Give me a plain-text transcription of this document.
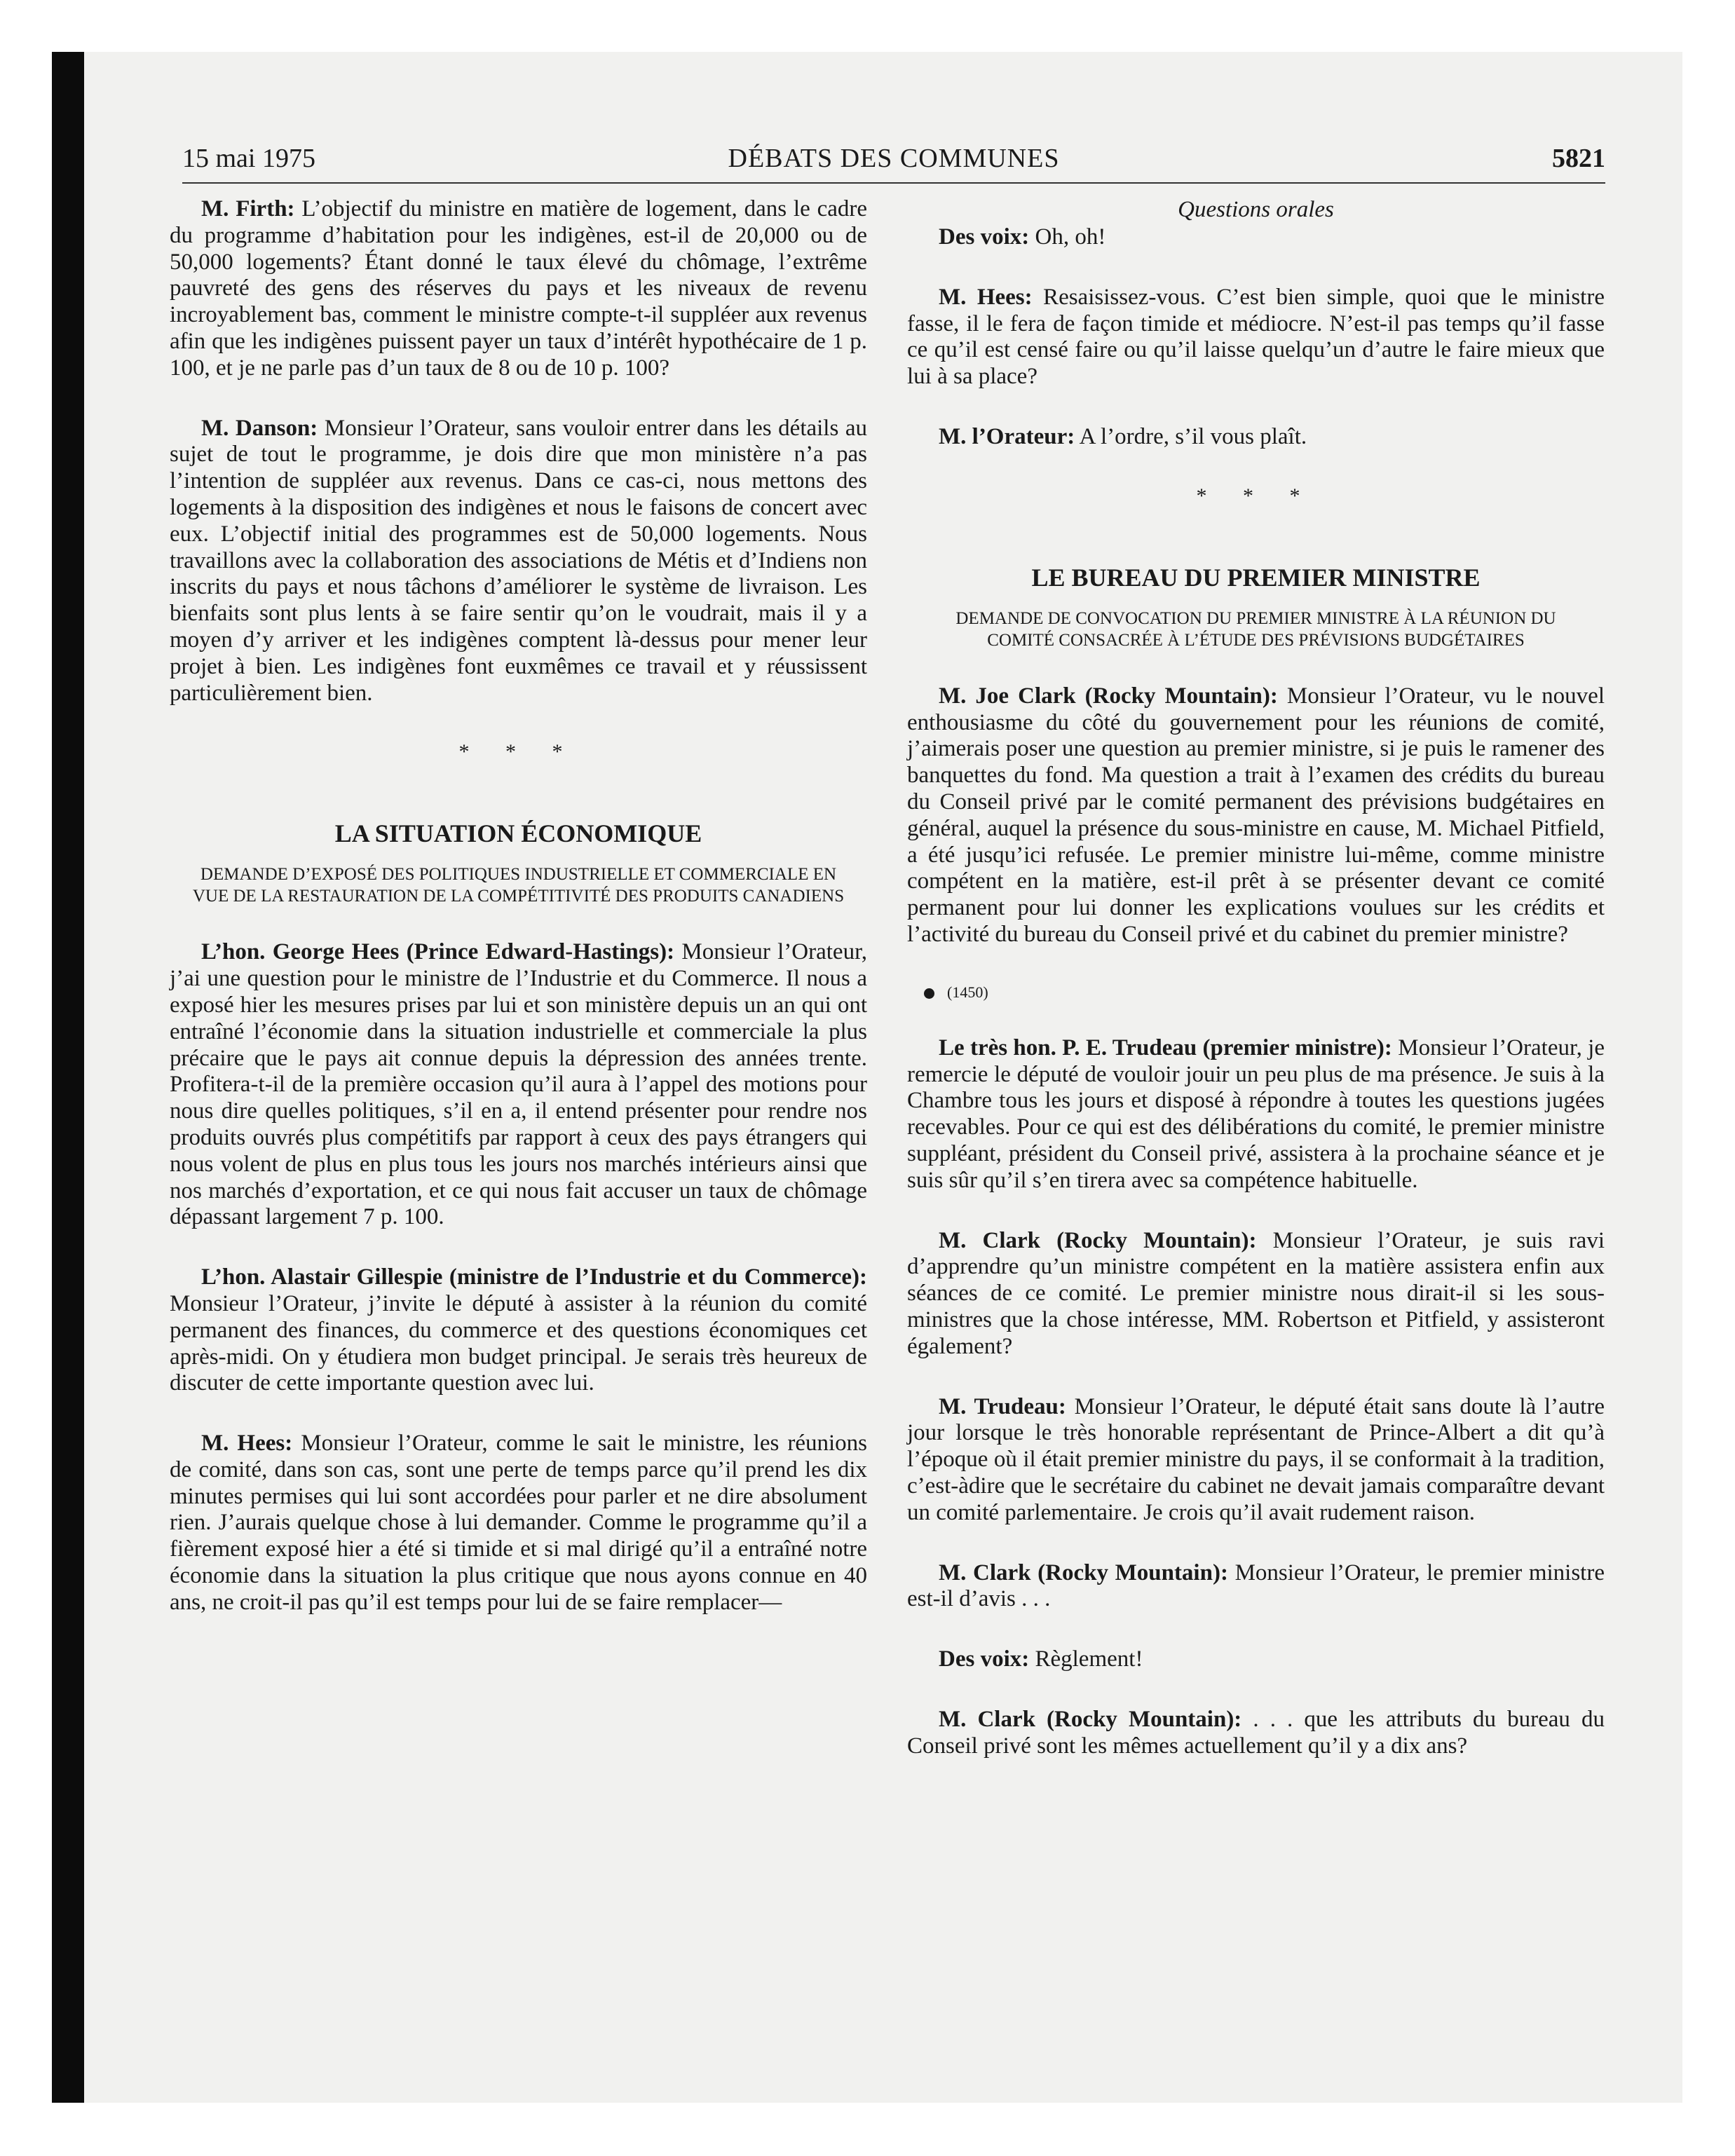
15 mai 1975	DÉBATS DES COMMUNES	5821

M. Firth: L’objectif du ministre en matière de logement, dans le cadre du programme d’habitation pour les indigènes, est-il de 20,000 ou de 50,000 logements? Étant donné le taux élevé du chômage, l’extrême pauvreté des gens des réserves du pays et les niveaux de revenu incroyablement bas, comment le ministre compte-t-il suppléer aux revenus afin que les indigènes puissent payer un taux d’intérêt hypothécaire de 1 p. 100, et je ne parle pas d’un taux de 8 ou de 10 p. 100?

M. Danson: Monsieur l’Orateur, sans vouloir entrer dans les détails au sujet de tout le programme, je dois dire que mon ministère n’a pas l’intention de suppléer aux revenus. Dans ce cas-ci, nous mettons des logements à la disposition des indigènes et nous le faisons de concert avec eux. L’objectif initial des programmes est de 50,000 logements. Nous travaillons avec la collaboration des associations de Métis et d’Indiens non inscrits du pays et nous tâchons d’améliorer le système de livraison. Les bienfaits sont plus lents à se faire sentir qu’on le voudrait, mais il y a moyen d’y arriver et les indigènes comptent là-dessus pour mener leur projet à bien. Les indigènes font euxmêmes ce travail et y réussissent particulièrement bien.

* * *
LA SITUATION ÉCONOMIQUE
DEMANDE D’EXPOSÉ DES POLITIQUES INDUSTRIELLE ET COMMERCIALE EN VUE DE LA RESTAURATION DE LA COMPÉTITIVITÉ DES PRODUITS CANADIENS

L’hon. George Hees (Prince Edward-Hastings): Monsieur l’Orateur, j’ai une question pour le ministre de l’Industrie et du Commerce. Il nous a exposé hier les mesures prises par lui et son ministère depuis un an qui ont entraîné l’économie dans la situation industrielle et commerciale la plus précaire que le pays ait connue depuis la dépression des années trente. Profitera-t-il de la première occasion qu’il aura à l’appel des motions pour nous dire quelles politiques, s’il en a, il entend présenter pour rendre nos produits ouvrés plus compétitifs par rapport à ceux des pays étrangers qui nous volent de plus en plus tous les jours nos marchés intérieurs ainsi que nos marchés d’exportation, et ce qui nous fait accuser un taux de chômage dépassant largement 7 p. 100.

L’hon. Alastair Gillespie (ministre de l’Industrie et du Commerce): Monsieur l’Orateur, j’invite le député à assister à la réunion du comité permanent des finances, du commerce et des questions économiques cet après-midi. On y étudiera mon budget principal. Je serais très heureux de discuter de cette importante question avec lui.

M. Hees: Monsieur l’Orateur, comme le sait le ministre, les réunions de comité, dans son cas, sont une perte de temps parce qu’il prend les dix minutes permises qui lui sont accordées pour parler et ne dire absolument rien. J’aurais quelque chose à lui demander. Comme le programme qu’il a fièrement exposé hier a été si timide et si mal dirigé qu’il a entraîné notre économie dans la situation la plus critique que nous ayons connue en 40 ans, ne croit-il pas qu’il est temps pour lui de se faire remplacer—

Questions orales

Des voix: Oh, oh!

M. Hees: Resaisissez-vous. C’est bien simple, quoi que le ministre fasse, il le fera de façon timide et médiocre. N’est-il pas temps qu’il fasse ce qu’il est censé faire ou qu’il laisse quelqu’un d’autre le faire mieux que lui à sa place?

M. l’Orateur: A l’ordre, s’il vous plaît.

* * *
LE BUREAU DU PREMIER MINISTRE
DEMANDE DE CONVOCATION DU PREMIER MINISTRE À LA RÉUNION DU COMITÉ CONSACRÉE À L’ÉTUDE DES PRÉVISIONS BUDGÉTAIRES

M. Joe Clark (Rocky Mountain): Monsieur l’Orateur, vu le nouvel enthousiasme du côté du gouvernement pour les réunions de comité, j’aimerais poser une question au premier ministre, si je puis le ramener des banquettes du fond. Ma question a trait à l’examen des crédits du bureau du Conseil privé par le comité permanent des prévisions budgétaires en général, auquel la présence du sous-ministre en cause, M. Michael Pitfield, a été jusqu’ici refusée. Le premier ministre lui-même, comme ministre compétent en la matière, est-il prêt à se présenter devant ce comité permanent pour lui donner les explications voulues sur les crédits et l’activité du bureau du Conseil privé et du cabinet du premier ministre?

(1450)

Le très hon. P. E. Trudeau (premier ministre): Monsieur l’Orateur, je remercie le député de vouloir jouir un peu plus de ma présence. Je suis à la Chambre tous les jours et disposé à répondre à toutes les questions jugées recevables. Pour ce qui est des délibérations du comité, le premier ministre suppléant, président du Conseil privé, assistera à la prochaine séance et je suis sûr qu’il s’en tirera avec sa compétence habituelle.

M. Clark (Rocky Mountain): Monsieur l’Orateur, je suis ravi d’apprendre qu’un ministre compétent en la matière assistera enfin aux séances de ce comité. Le premier ministre nous dirait-il si les sous-ministres que la chose intéresse, MM. Robertson et Pitfield, y assisteront également?

M. Trudeau: Monsieur l’Orateur, le député était sans doute là l’autre jour lorsque le très honorable représentant de Prince-Albert a dit qu’à l’époque où il était premier ministre du pays, il se conformait à la tradition, c’est-àdire que le secrétaire du cabinet ne devait jamais comparaître devant un comité parlementaire. Je crois qu’il avait rudement raison.

M. Clark (Rocky Mountain): Monsieur l’Orateur, le premier ministre est-il d’avis . . .

Des voix: Règlement!

M. Clark (Rocky Mountain): . . . que les attributs du bureau du Conseil privé sont les mêmes actuellement qu’il y a dix ans?
